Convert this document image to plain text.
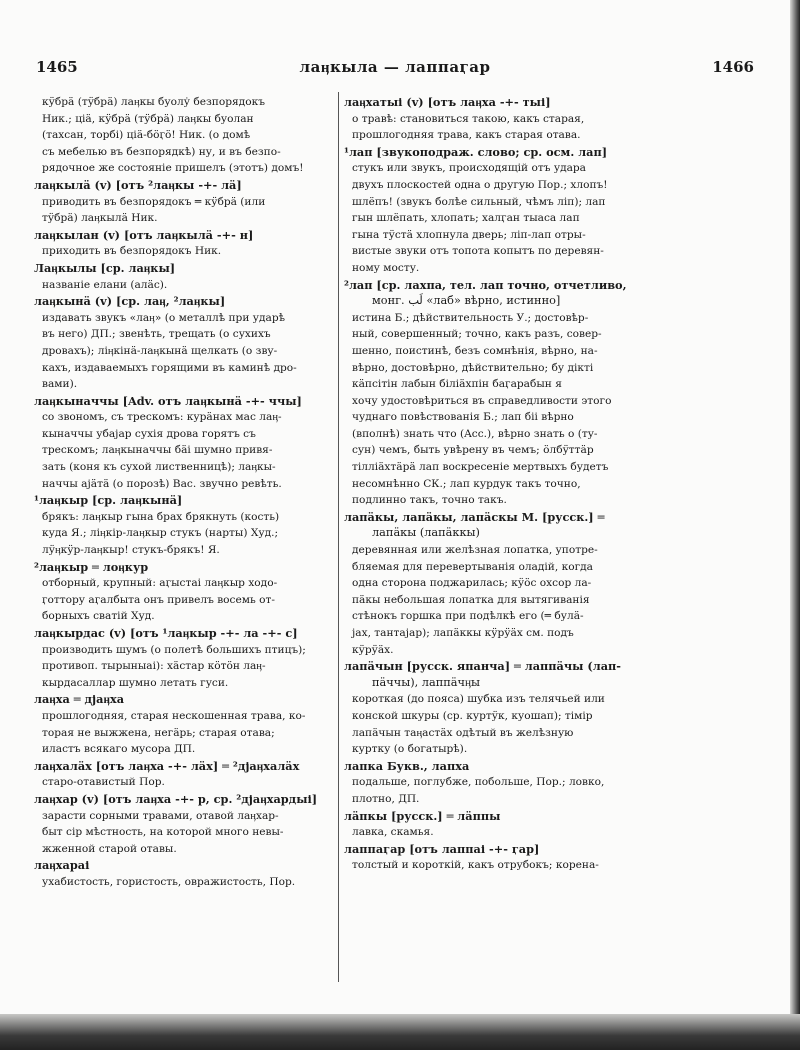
1465	лаӊкыла — лаппаӷар	1466
кӱбрӓ (тӱбрӓ) лаӊкы буолу̇ безпорядокъ
Ник.; ціӓ, кӱбрӓ (тӱбрӓ) лаӊкы буолан
(тахсан, торбі) ціӓ-бӧӷӧ! Ник. (о домѣ
съ мебелью въ безпорядкѣ) ну, и въ безпо-
рядочное же состояніе пришелъ (этотъ) домъ!
лаӊкылӓ (v) [отъ ²лаӊкы -+- лӓ]
приводить въ безпорядокъ ═ кӱбрӓ (или
тӱбрӓ) лаӊкылӓ Ник.
лаӊкылан (v) [отъ лаӊкылӓ -+- н]
приходить въ безпорядокъ Ник.
Лаӊкылы [ср. лаӊкы]
названіе елани (алӓс).
лаӊкынӓ (v) [ср. лаӊ, ²лаӊкы]
издавать звукъ «лаӊ» (о металлѣ при ударѣ
въ него) ДП.; звенѣть, трещать (о сухихъ
дровахъ); ліӊкінӓ-лаӊкынӓ щелкать (о зву-
кахъ, издаваемыхъ горящими въ каминѣ дро-
вами).
лаӊкыначчы [Adv. отъ лаӊкынӓ -+- ччы]
со звономъ, съ трескомъ: курӓнах мас лаӊ-
кыначчы убајар сухія дрова горятъ съ
трескомъ; лаӊкыначчы бӓі шумно привя-
зать (коня къ сухой лиственницѣ); лаӊкы-
наччы ајӓтӓ (о порозѣ) Вас. звучно ревѣть.
¹лаӊкыр [ср. лаӊкынӓ]
брякъ: лаӊкыр гына брах брякнуть (кость)
куда Я.; ліӊкір-лаӊкыр стукъ (нарты) Худ.;
лӱӊкӱр-лаӊкыр! стукъ-брякъ! Я.
²лаӊкыр ═ лоӊкур
отборный, крупный: аӷыстаі лаӊкыр ходо-
ӷоттору аӷалбыта онъ привелъ восемь от-
борныхъ сватій Худ.
лаӊкырдас (v) [отъ ¹лаӊкыр -+- ла -+- с]
производить шумъ (о полетѣ большихъ птицъ);
противоп. тырыныаі): хӓстар кӧтӧн лаӊ-
кырдасаллар шумно летать гуси.
лаӊха ═ дјаӊха
прошлогодняя, старая нескошенная трава, ко-
торая не выжжена, негӓрь; старая отава;
иластъ всякаго мусора ДП.
лаӊхалӓх [отъ лаӊха -+- лӓх] ═ ²дјаӊхалӓх
старо-отавистый Пор.
лаӊхар (v) [отъ лаӊха -+- р, ср. ²дјаӊхардыі]
зарасти сорными травами, отавой лаӊхар-
быт сір мѣстность, на которой много невы-
жженной старой отавы.
лаӊхараі
ухабистость, гористость, овражистость, Пор.
лаӊхатыі (v) [отъ лаӊха -+- тыі]
о травѣ: становиться такою, какъ старая,
прошлогодняя трава, какъ старая отава.
¹лап [звукоподраж. слово; ср. осм. лап]
стукъ или звукъ, происходящій отъ удара
двухъ плоскостей одна о другую Пор.; хлопъ!
шлёпъ! (звукъ болѣе сильный, чѣмъ ліп); лап
гын шлёпать, хлопать; халӷан тыаса лап
гына тӱстӓ хлопнула дверь; ліп-лап отры-
вистые звуки отъ топота копытъ по деревян-
ному мосту.
²лап [ср. лахпа, тел. лап точно, отчетливо,
монг. لَب «лаб» вѣрно, истинно]
истина Б.; дѣйствительность У.; достовѣр-
ный, совершенный; точно, какъ разъ, совер-
шенно, поистинѣ, безъ сомнѣнія, вѣрно, на-
вѣрно, достовѣрно, дѣйствительно; бу дікті
кӓпсітін лабын біліӓхпін баӷарабын я
хочу удостовѣриться въ справедливости этого
чуднаго повѣствованія Б.; лап біі вѣрно
(вполнѣ) знать что (Acc.), вѣрно знать о (ту-
сун) чемъ, быть увѣрену въ чемъ; ӧлбӱттӓр
тілліӓхтӓрӓ лап воскресеніе мертвыхъ будетъ
несомнѣнно СК.; лап курдук такъ точно,
подлинно такъ, точно такъ.
лапӓкы, лапӓкы, лапӓскы М. [русск.] ═
лапӓкы (лапӓккы)
деревянная или желѣзная лопатка, употре-
бляемая для перевертыванія оладій, когда
одна сторона поджарилась; кӱӧс охсор ла-
пӓкы небольшая лопатка для вытягиванія
стѣнокъ горшка при подѣлкѣ его (═ булӓ-
јах, тантајар); лапӓккы кӱрӱӓх см. подъ
кӱрӱӓх.
лапӓчын [русск. япанча] ═ лаппӓчы (лап-
пӓччы), лаппӓчӊы
короткая (до пояса) шубка изъ телячьей или
конской шкуры (ср. куртӱк, куошап); тімір
лапӓчын таӊастӓх одѣтый въ желѣзную
куртку (о богатырѣ).
лапка Букв., лапха
подальше, поглубже, побольше, Пор.; ловко,
плотно, ДП.
лӓпкы [русск.] ═ лӓппы
лавка, скамья.
лаппаӷар [отъ лаппаі -+- ӷар]
толстый и короткій, какъ отрубокъ; корена-
